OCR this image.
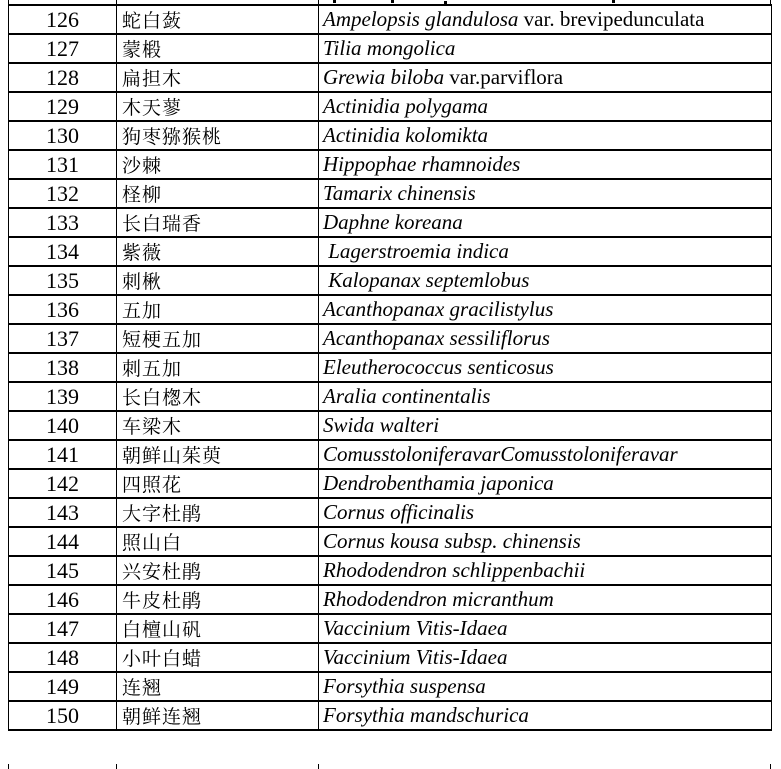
126	蛇白蔹	Ampelopsis glandulosa var. brevipedunculata
127	蒙椴	Tilia mongolica
128	扁担木	Grewia biloba var.parviflora
129	木天蓼	Actinidia polygama
130	狗枣猕猴桃	Actinidia kolomikta
131	沙棘	Hippophae rhamnoides
132	柽柳	Tamarix chinensis
133	长白瑞香	Daphne koreana
134	紫薇	Lagerstroemia indica
135	刺楸	Kalopanax septemlobus
136	五加	Acanthopanax gracilistylus
137	短梗五加	Acanthopanax sessiliflorus
138	刺五加	Eleutherococcus senticosus
139	长白楤木	Aralia continentalis
140	车梁木	Swida walteri
141	朝鲜山茱萸	ComusstoloniferavarComusstoloniferavar
142	四照花	Dendrobenthamia japonica
143	大字杜鹃	Cornus officinalis
144	照山白	Cornus kousa subsp. chinensis
145	兴安杜鹃	Rhododendron schlippenbachii
146	牛皮杜鹃	Rhododendron micranthum
147	白檀山矾	Vaccinium Vitis-Idaea
148	小叶白蜡	Vaccinium Vitis-Idaea
149	连翘	Forsythia suspensa
150	朝鲜连翘	Forsythia mandschurica
